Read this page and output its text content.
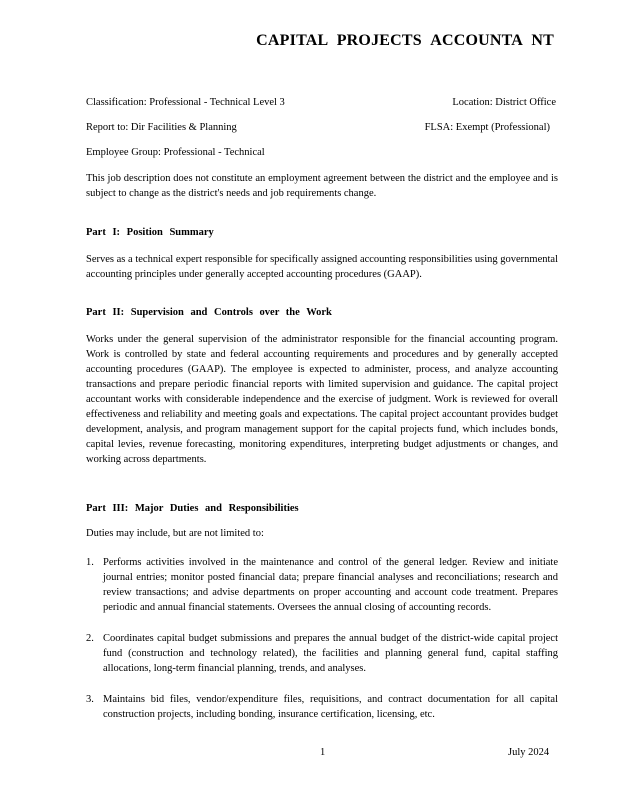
CAPITAL PROJECTS ACCOUNTA NT
Classification: Professional - Technical Level 3	Location: District Office
Report to: Dir Facilities & Planning	FLSA: Exempt (Professional)
Employee Group: Professional - Technical
This job description does not constitute an employment agreement between the district and the employee and is subject to change as the district's needs and job requirements change.
Part I: Position Summary
Serves as a technical expert responsible for specifically assigned accounting responsibilities using governmental accounting principles under generally accepted accounting procedures (GAAP).
Part II: Supervision and Controls over the Work
Works under the general supervision of the administrator responsible for the financial accounting program. Work is controlled by state and federal accounting requirements and procedures and by generally accepted accounting procedures (GAAP). The employee is expected to administer, process, and analyze accounting transactions and prepare periodic financial reports with limited supervision and guidance. The capital project accountant works with considerable independence and the exercise of judgment. Work is reviewed for overall effectiveness and reliability and meeting goals and expectations. The capital project accountant provides budget development, analysis, and program management support for the capital projects fund, which includes bonds, capital levies, revenue forecasting, monitoring expenditures, interpreting budget adjustments or changes, and working across departments.
Part III: Major Duties and Responsibilities
Duties may include, but are not limited to:
1. Performs activities involved in the maintenance and control of the general ledger. Review and initiate journal entries; monitor posted financial data; prepare financial analyses and reconciliations; research and review transactions; and advise departments on proper accounting and account code treatment. Prepares periodic and annual financial statements. Oversees the annual closing of accounting records.
2. Coordinates capital budget submissions and prepares the annual budget of the district-wide capital project fund (construction and technology related), the facilities and planning general fund, capital staffing allocations, long-term financial planning, trends, and analyses.
3. Maintains bid files, vendor/expenditure files, requisitions, and contract documentation for all capital construction projects, including bonding, insurance certification, licensing, etc.
1	July 2024
